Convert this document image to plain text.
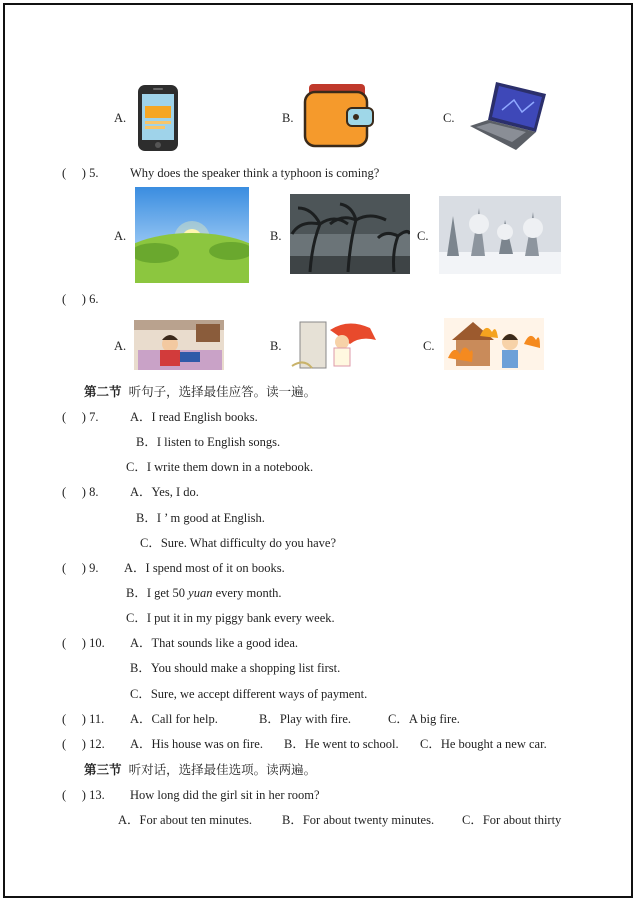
A.	B.	C.
(　 ) 5.	Why does the speaker think a typhoon is coming?
A.	B.	C.
(　 ) 6.
A.	B.	C.
第二节 听句子，选择最佳应答。读一遍。
(　 ) 7.	A．I read English books.
B．I listen to English songs.
C．I write them down in a notebook.
(　 ) 8.	A．Yes, I do.
B．I ’ m good at English.
C．Sure. What difficulty do you have?
(　 ) 9. A．I spend most of it on books.
B．I get 50 yuan every month.
C．I put it in my piggy bank every week.
(　 ) 10. A．That sounds like a good idea.
B．You should make a shopping list first.
C．Sure, we accept different ways of payment.
(　 ) 11. A．Call for help.	B．Play with fire.	C．A big fire.
(　 ) 12. A．His house was on fire. B．He went to school. C．He bought a new car.
第三节 听对话，选择最佳选项。读两遍。
(　 ) 13. How long did the girl sit in her room?
A．For about ten minutes. B．For about twenty minutes. C．For about thirty
